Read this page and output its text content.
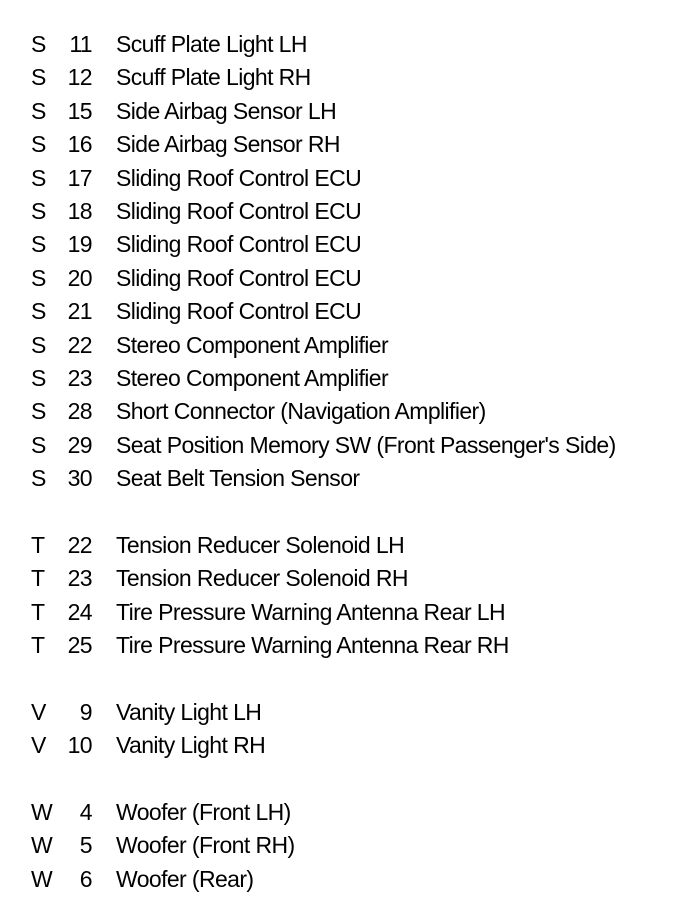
S	11 Scuff Plate Light LH
S 12 Scuff Plate Light RH
S 15 Side Airbag Sensor LH
S 16 Side Airbag Sensor RH
S 17 Sliding Roof Control ECU
S 18 Sliding Roof Control ECU
S 19 Sliding Roof Control ECU
S 20 Sliding Roof Control ECU
S 21 Sliding Roof Control ECU
S 22 Stereo Component Amplifier
S 23 Stereo Component Amplifier
S 28 Short Connector (Navigation Amplifier)
S 29 Seat Position Memory SW (Front Passenger's Side)
S 30 Seat Belt Tension Sensor
T	22 Tension Reducer Solenoid LH
T	23 Tension Reducer Solenoid RH
T	24 Tire Pressure Warning Antenna Rear LH
T	25 Tire Pressure Warning Antenna Rear RH
V	9 Vanity Light LH
V 10 Vanity Light RH
W	4 Woofer (Front LH)
W	5 Woofer (Front RH)
W	6 Woofer (Rear)
